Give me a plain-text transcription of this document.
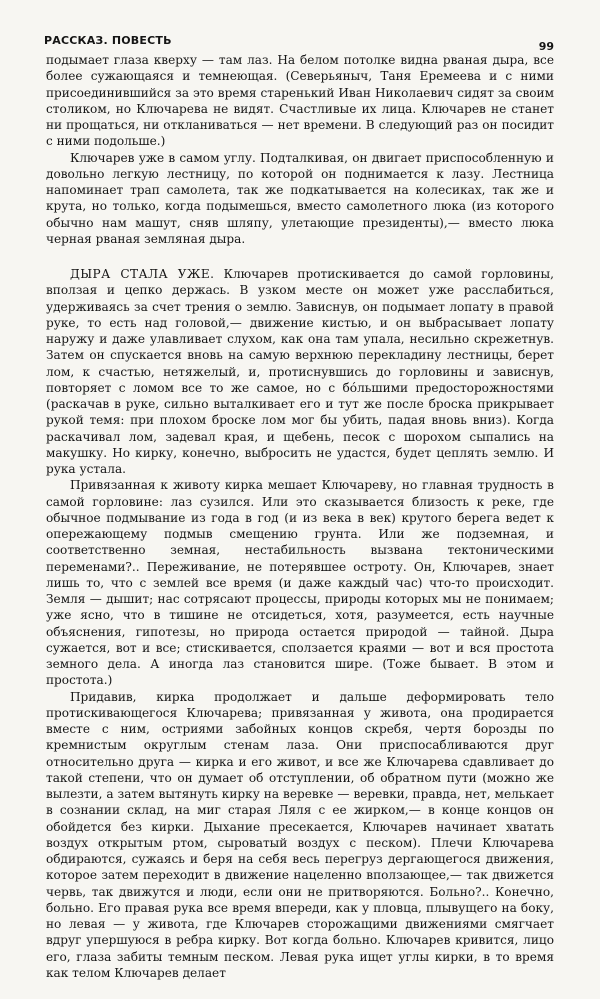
РАССКАЗ. ПОВЕСТЬ	99

подымает глаза кверху — там лаз. На белом потолке видна рваная дыра, все более сужающаяся и темнеющая. (Северьяныч, Таня Еремеева и с ними присоединившийся за это время старенький Иван Николаевич сидят за своим столиком, но Ключарева не видят. Счастливые их лица. Ключарев не станет ни прощаться, ни откланиваться — нет времени. В следующий раз он посидит с ними подольше.)

Ключарев уже в самом углу. Подталкивая, он двигает приспособленную и довольно легкую лестницу, по которой он поднимается к лазу. Лестница напоминает трап самолета, так же подкатывается на колесиках, так же и крута, но только, когда подымешься, вместо самолетного люка (из которого обычно нам машут, сняв шляпу, улетающие президенты),— вместо люка черная рваная земляная дыра.

ДЫРА СТАЛА УЖЕ. Ключарев протискивается до самой горловины, вползая и цепко держась. В узком месте он может уже расслабиться, удерживаясь за счет трения о землю. Зависнув, он подымает лопату в правой руке, то есть над головой,— движение кистью, и он выбрасывает лопату наружу и даже улавливает слухом, как она там упала, несильно скрежетнув. Затем он спускается вновь на самую верхнюю перекладину лестницы, берет лом, к счастью, нетяжелый, и, протиснувшись до горловины и зависнув, повторяет с ломом все то же самое, но с бóльшими предосторожностями (раскачав в руке, сильно выталкивает его и тут же после броска прикрывает рукой темя: при плохом броске лом мог бы убить, падая вновь вниз). Когда раскачивал лом, задевал края, и щебень, песок с шорохом сыпались на макушку. Но кирку, конечно, выбросить не удастся, будет цеплять землю. И рука устала.

Привязанная к животу кирка мешает Ключареву, но главная трудность в самой горловине: лаз сузился. Или это сказывается близость к реке, где обычное подмывание из года в год (и из века в век) крутого берега ведет к опережающему подмыв смещению грунта. Или же подземная, и соответственно земная, нестабильность вызвана тектоническими переменами?.. Переживание, не потерявшее остроту. Он, Ключарев, знает лишь то, что с землей все время (и даже каждый час) что-то происходит. Земля — дышит; нас сотрясают процессы, природы которых мы не понимаем; уже ясно, что в тишине не отсидеться, хотя, разумеется, есть научные объяснения, гипотезы, но природа остается природой — тайной. Дыра сужается, вот и все; стискивается, сползается краями — вот и вся простота земного дела. А иногда лаз становится шире. (Тоже бывает. В этом и простота.)

Придавив, кирка продолжает и дальше деформировать тело протискивающегося Ключарева; привязанная у живота, она продирается вместе с ним, остриями забойных концов скребя, чертя борозды по кремнистым округлым стенам лаза. Они приспосабливаются друг относительно друга — кирка и его живот, и все же Ключарева сдавливает до такой степени, что он думает об отступлении, об обратном пути (можно же вылезти, а затем вытянуть кирку на веревке — веревки, правда, нет, мелькает в сознании склад, на миг старая Ляля с ее жирком,— в конце концов он обойдется без кирки. Дыхание пресекается, Ключарев начинает хватать воздух открытым ртом, сыроватый воздух с песком). Плечи Ключарева обдираются, сужаясь и беря на себя весь перегруз дергающегося движения, которое затем переходит в движение нацеленно вползающее,— так движется червь, так движутся и люди, если они не притворяются. Больно?.. Конечно, больно. Его правая рука все время впереди, как у пловца, плывущего на боку, но левая — у живота, где Ключарев сторожащими движениями смягчает вдруг упершуюся в ребра кирку. Вот когда больно. Ключарев кривится, лицо его, глаза забиты темным песком. Левая рука ищет углы кирки, в то время как телом Ключарев делает
